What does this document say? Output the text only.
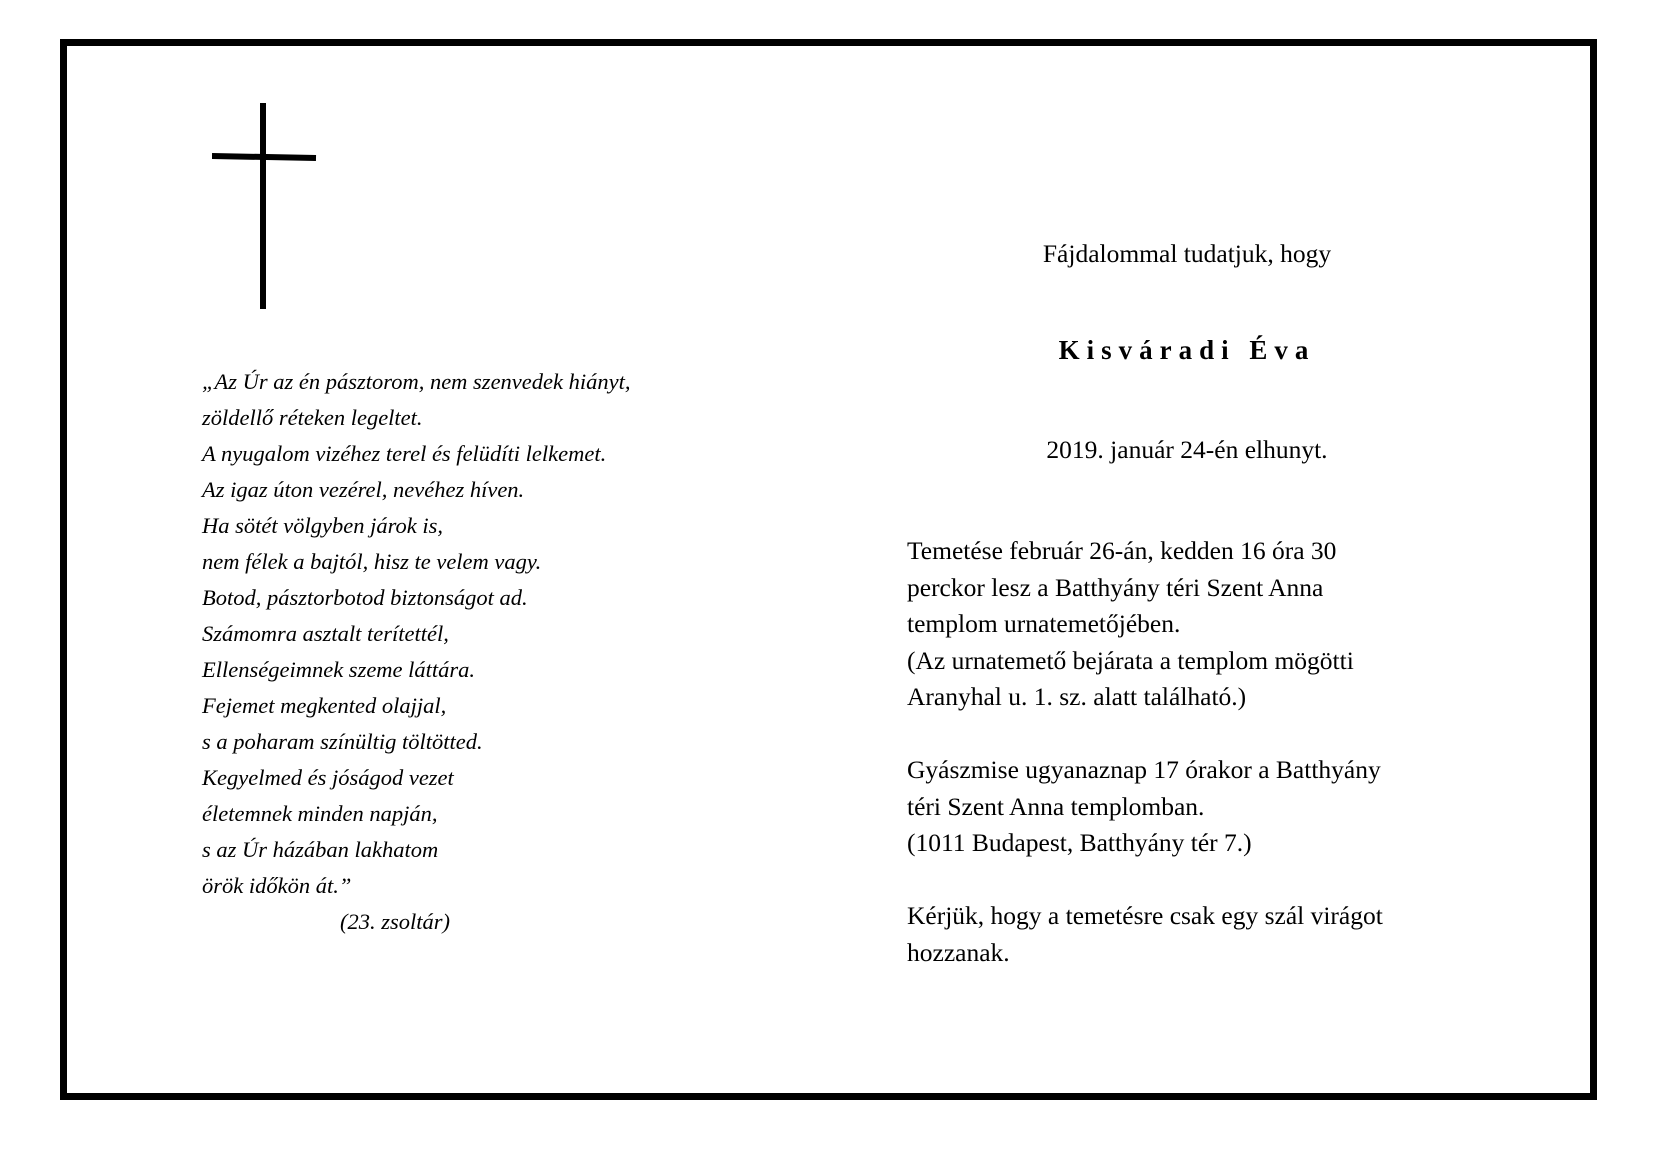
„Az Úr az én pásztorom, nem szenvedek hiányt,
zöldellő réteken legeltet.
A nyugalom vizéhez terel és felüdíti lelkemet.
Az igaz úton vezérel, nevéhez híven.
Ha sötét völgyben járok is,
nem félek a bajtól, hisz te velem vagy.
Botod, pásztorbotod biztonságot ad.
Számomra asztalt terítettél,
Ellenségeimnek szeme láttára.
Fejemet megkented olajjal,
s a poharam színültig töltötted.
Kegyelmed és jóságod vezet
életemnek minden napján,
s az Úr házában lakhatom
örök időkön át.”
(23. zsoltár)
Fájdalommal tudatjuk, hogy
Kisváradi Éva
2019. január 24-én elhunyt.
Temetése február 26-án, kedden 16 óra 30
perckor lesz a Batthyány téri Szent Anna
templom urnatemetőjében.
(Az urnatemető bejárata a templom mögötti
Aranyhal u. 1. sz. alatt található.)
Gyászmise ugyanaznap 17 órakor a Batthyány
téri Szent Anna templomban.
(1011 Budapest, Batthyány tér 7.)
Kérjük, hogy a temetésre csak egy szál virágot
hozzanak.
